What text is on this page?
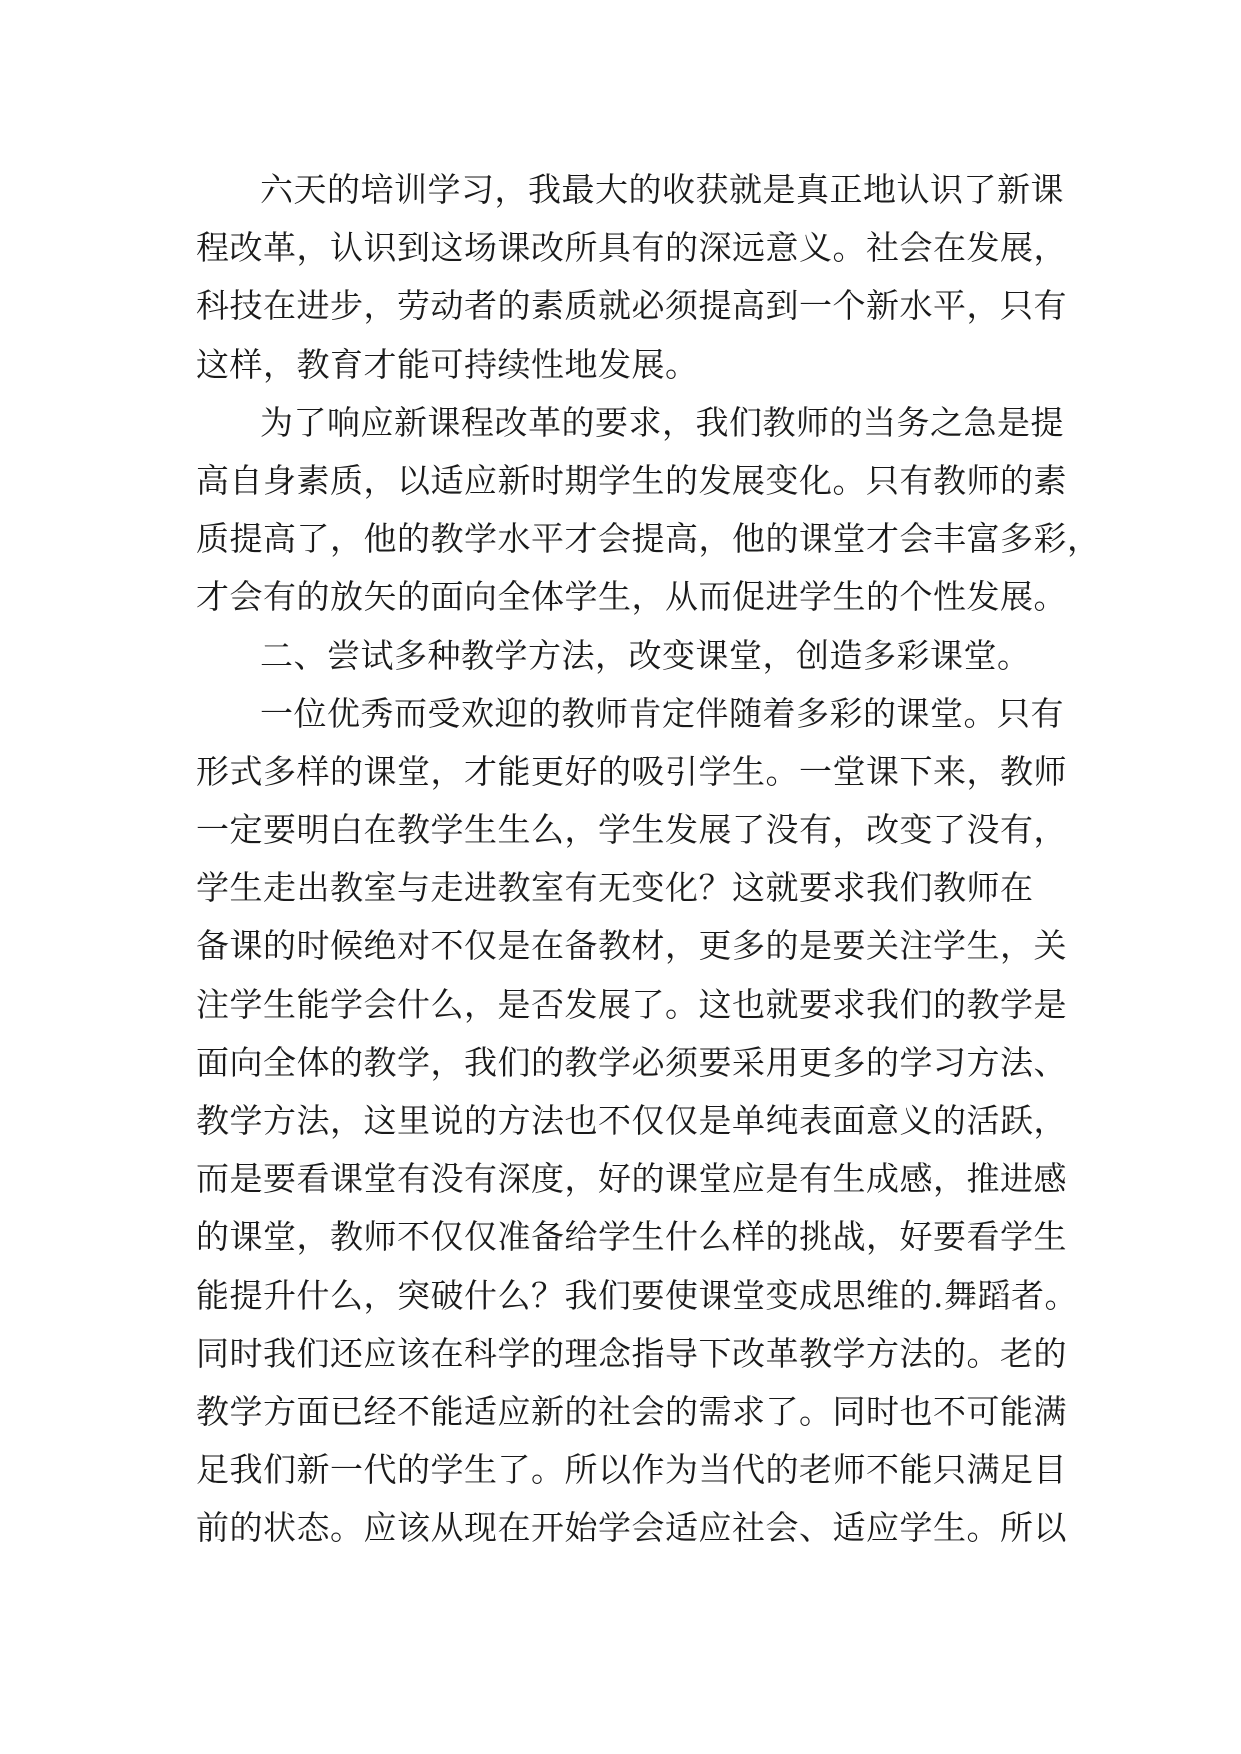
六天的培训学习，我最大的收获就是真正地认识了新课
程改革，认识到这场课改所具有的深远意义。社会在发展，
科技在进步，劳动者的素质就必须提高到一个新水平，只有
这样，教育才能可持续性地发展。
为了响应新课程改革的要求，我们教师的当务之急是提
高自身素质，以适应新时期学生的发展变化。只有教师的素
质提高了，他的教学水平才会提高，他的课堂才会丰富多彩，
才会有的放矢的面向全体学生，从而促进学生的个性发展。
二、尝试多种教学方法，改变课堂，创造多彩课堂。
一位优秀而受欢迎的教师肯定伴随着多彩的课堂。只有
形式多样的课堂，才能更好的吸引学生。一堂课下来，教师
一定要明白在教学生生么，学生发展了没有，改变了没有，
学生走出教室与走进教室有无变化？这就要求我们教师在
备课的时候绝对不仅是在备教材，更多的是要关注学生，关
注学生能学会什么，是否发展了。这也就要求我们的教学是
面向全体的教学，我们的教学必须要采用更多的学习方法、
教学方法，这里说的方法也不仅仅是单纯表面意义的活跃，
而是要看课堂有没有深度，好的课堂应是有生成感，推进感
的课堂，教师不仅仅准备给学生什么样的挑战，好要看学生
能提升什么，突破什么？我们要使课堂变成思维的.舞蹈者。
同时我们还应该在科学的理念指导下改革教学方法的。老的
教学方面已经不能适应新的社会的需求了。同时也不可能满
足我们新一代的学生了。所以作为当代的老师不能只满足目
前的状态。应该从现在开始学会适应社会、适应学生。所以
